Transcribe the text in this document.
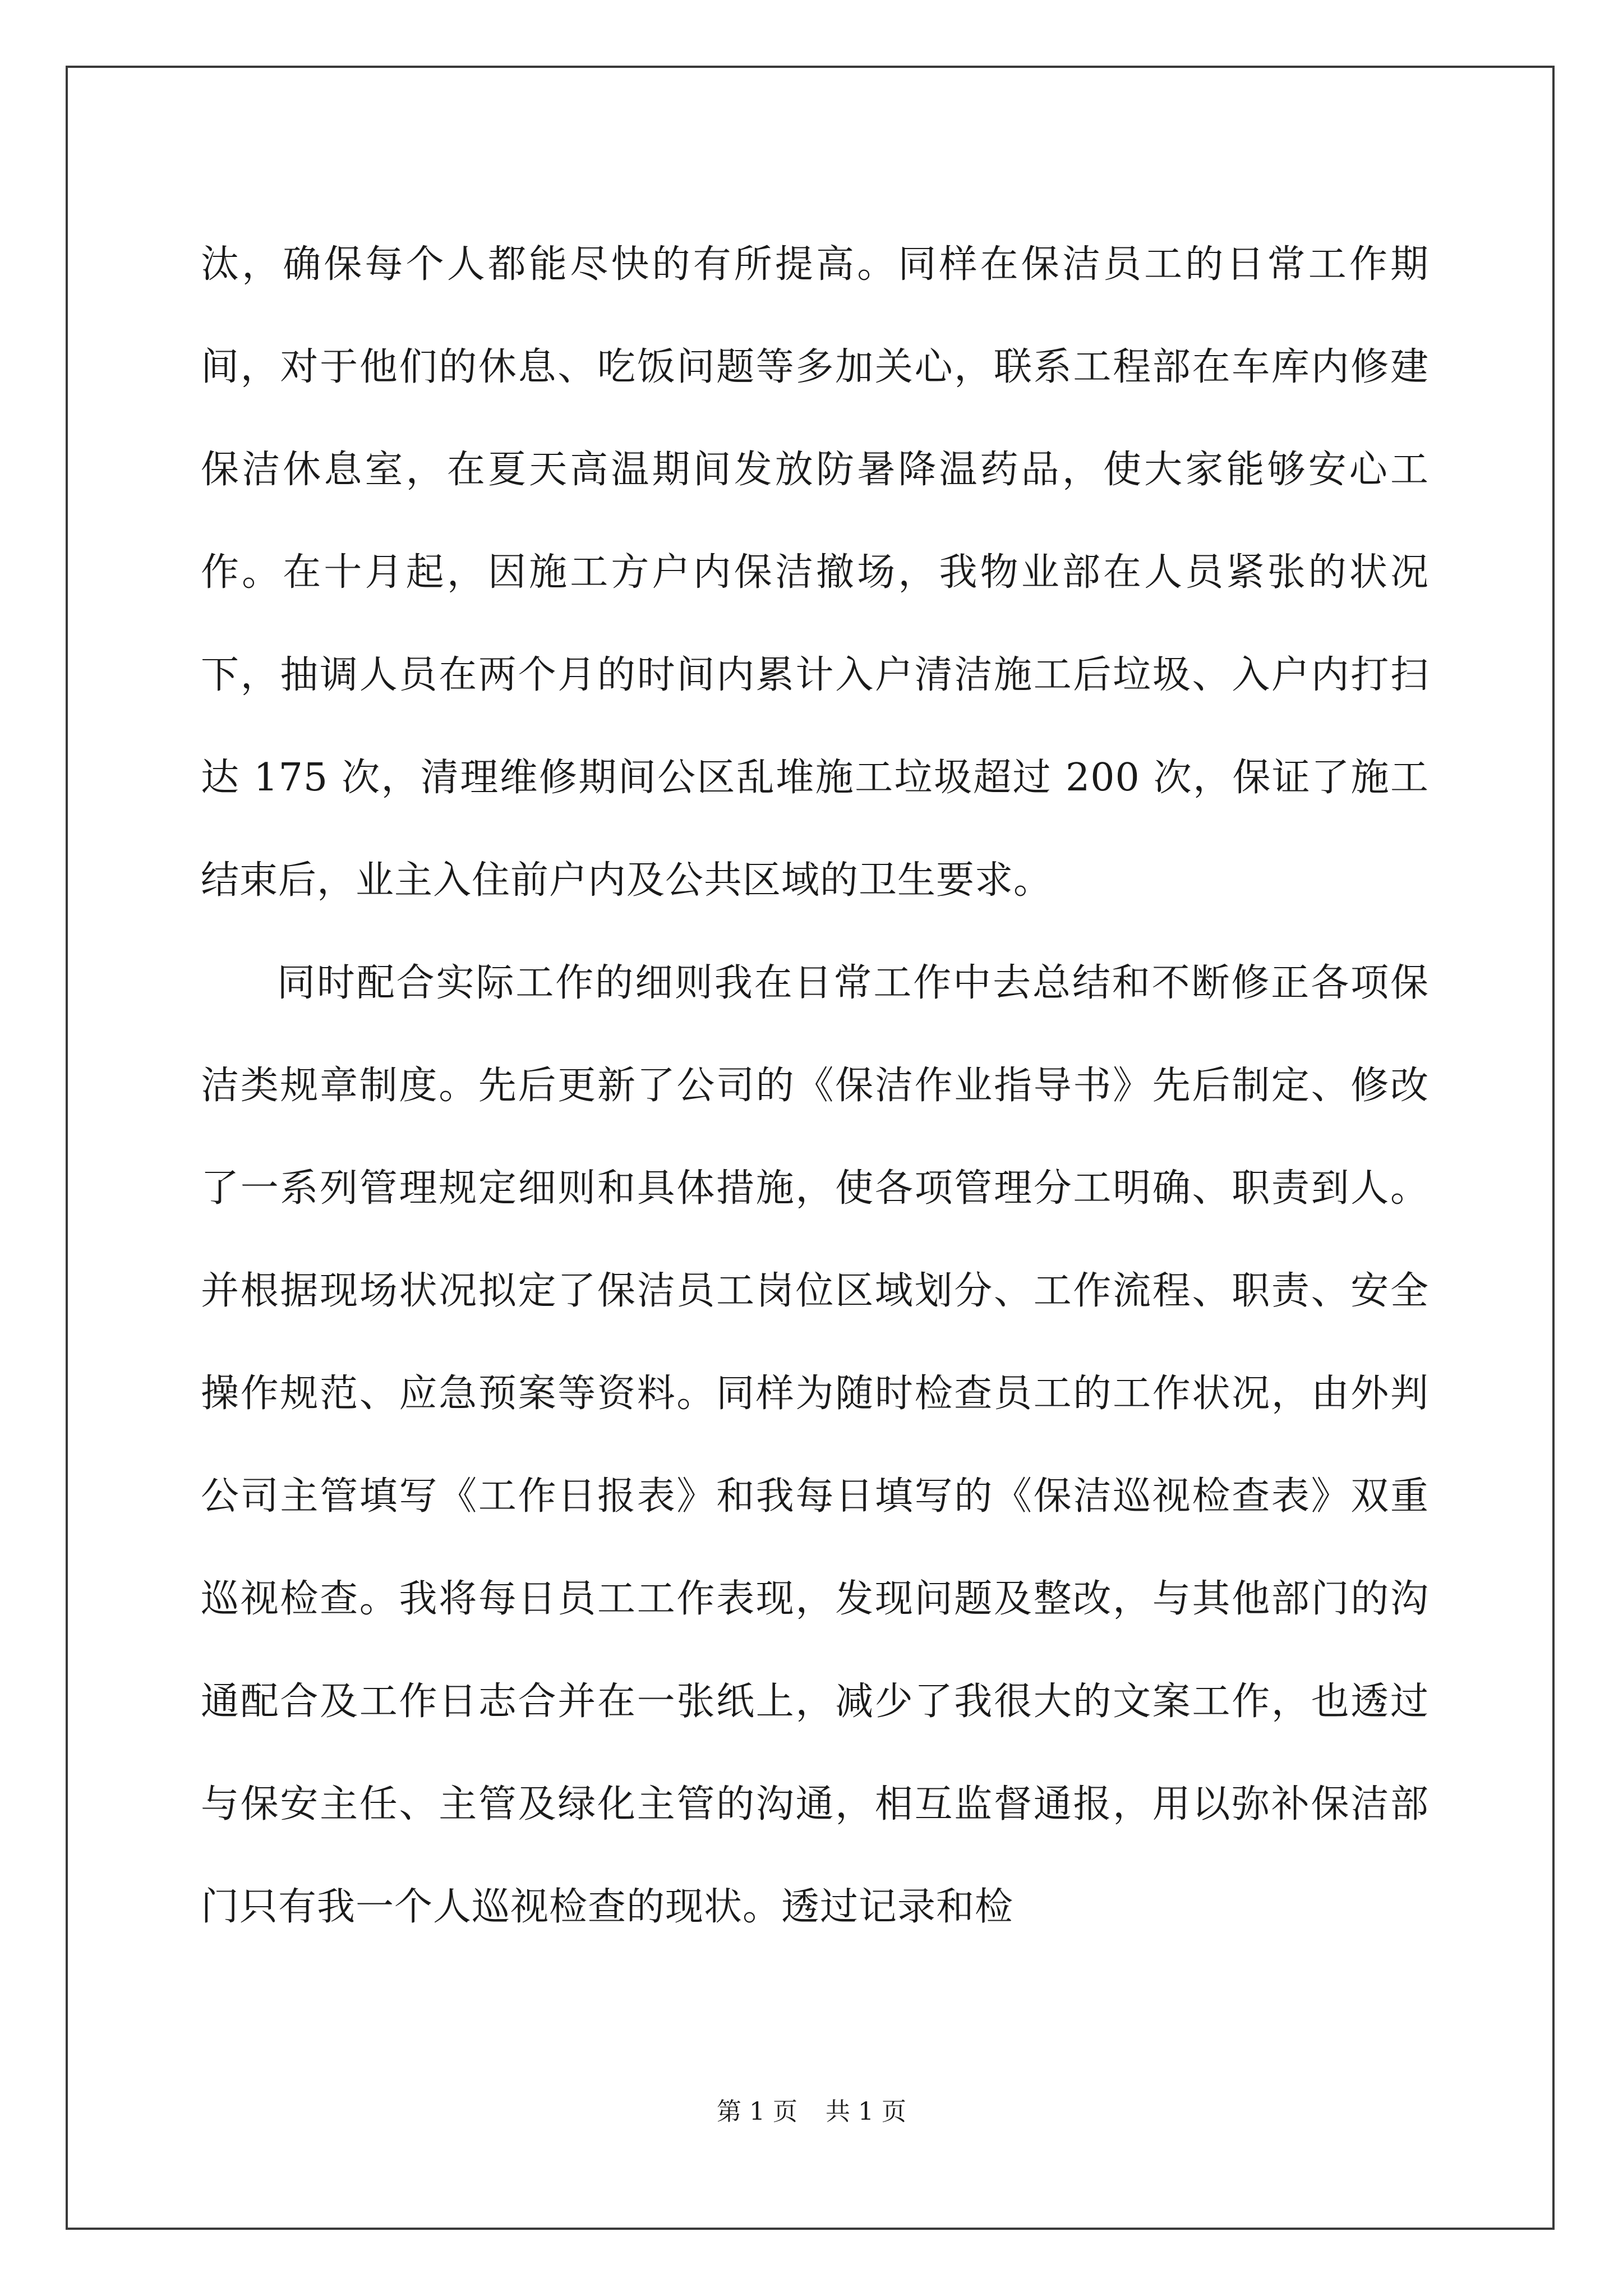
汰，确保每个人都能尽快的有所提高。同样在保洁员工的日常工作期间，对于他们的休息、吃饭问题等多加关心，联系工程部在车库内修建保洁休息室，在夏天高温期间发放防暑降温药品，使大家能够安心工作。在十月起，因施工方户内保洁撤场，我物业部在人员紧张的状况下，抽调人员在两个月的时间内累计入户清洁施工后垃圾、入户内打扫达 175 次，清理维修期间公区乱堆施工垃圾超过 200 次，保证了施工结束后，业主入住前户内及公共区域的卫生要求。

同时配合实际工作的细则我在日常工作中去总结和不断修正各项保洁类规章制度。先后更新了公司的《保洁作业指导书》先后制定、修改了一系列管理规定细则和具体措施，使各项管理分工明确、职责到人。并根据现场状况拟定了保洁员工岗位区域划分、工作流程、职责、安全操作规范、应急预案等资料。同样为随时检查员工的工作状况，由外判公司主管填写《工作日报表》和我每日填写的《保洁巡视检查表》双重巡视检查。我将每日员工工作表现，发现问题及整改，与其他部门的沟通配合及工作日志合并在一张纸上，减少了我很大的文案工作，也透过与保安主任、主管及绿化主管的沟通，相互监督通报，用以弥补保洁部门只有我一个人巡视检查的现状。透过记录和检

第 1 页 共 1 页
